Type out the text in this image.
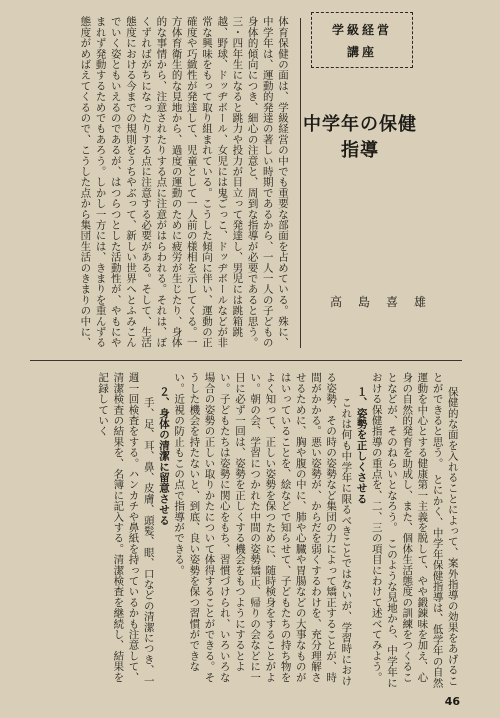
学級経営
講座
中学年の保健指導
高島喜雄
体育保健の面は、学級経営の中でも重要な部面を占めている。殊に、中学年は、運動的発達の著しい時期であるから、一人一人の子どもの身体的傾向につき、細心の注意と、周到な指導が必要であると思う。三・四年生になると跳力や投力が目立って発達し、男児には跳箱跳越、野球、ドッヂボール、女児には鬼ごっこ、ドッヂボールなどが非常な興味をもって取り組まれている。こうした傾向に伴い、運動の正確度や巧緻性が発達して、児童として一人前の様相を示してくる。一方体育衛生的な見地から、過度の運動のために疲労が生じたり、身体的な事情から、注意されたりする点に注意がはらわれる。それは、ぼくずればがちになったりする点に注意する必要がある。そして、生活態度における今までの規則をうちやぶって、新しい世界へとふみこんでいく姿ともいえるのであるが、はつらつとした活動性が、やもにやまれず発動するためでもあろう。しかし一方には、きまりを重んずる態度がめばえてくるので、こうした点から集団生活のきまりの中に、

保健的な面を入れることによって、案外指導の効果をあげることができると思う。　とにかく、中学年保健指導は、低学年の自然運動を中心とする健康第一主義を脱して、やや鍛錬味を加え、心身の自然的発育を助成し、また、個体生活態度の訓練をつくることなどが、そのねらいとなろう。　このような見地から、中学年における保健指導の重点を、二、三の項目にわけて述べてみよう。
１、姿勢を正しくさせる
　これは何も中学年に限るべきことではないが、学習時における姿勢、その時の姿勢など集団の力によって矯正することが、時間がかかる。悪い姿勢が、からだを弱くするわけを、充分理解させるために、胸や腹の中に、肺や心臓や胃腸などの大事なものがはいっていることを、絵などで知らせて、子どもたちの持ち物をよく知って、正しい姿勢を保つために、随時検身をすることがよい。朝の会、学習につかれた中間の姿勢矯正、帰りの会などに一日に必ず一回は、姿勢を正しくする機会をもつようにするとよい。子どもたちは姿勢に関心をもち、習慣づけられ、いろいろな場合の姿勢の正しい取りかたについて体得することができる。そうした機会を持たないと、到底、良い姿勢を保つ習慣ができない。近視の防止もこの点で指導ができる。
２、身体の清潔に留意させる
　手、足、耳、鼻、皮膚、頭髪、眼、口などの清潔につき、一週一回検査をする。ハンカチや鼻紙を持っているかも注意して、清潔検査の結果を、名簿に記入する。清潔検査を継続し、結果を記録していく

46
